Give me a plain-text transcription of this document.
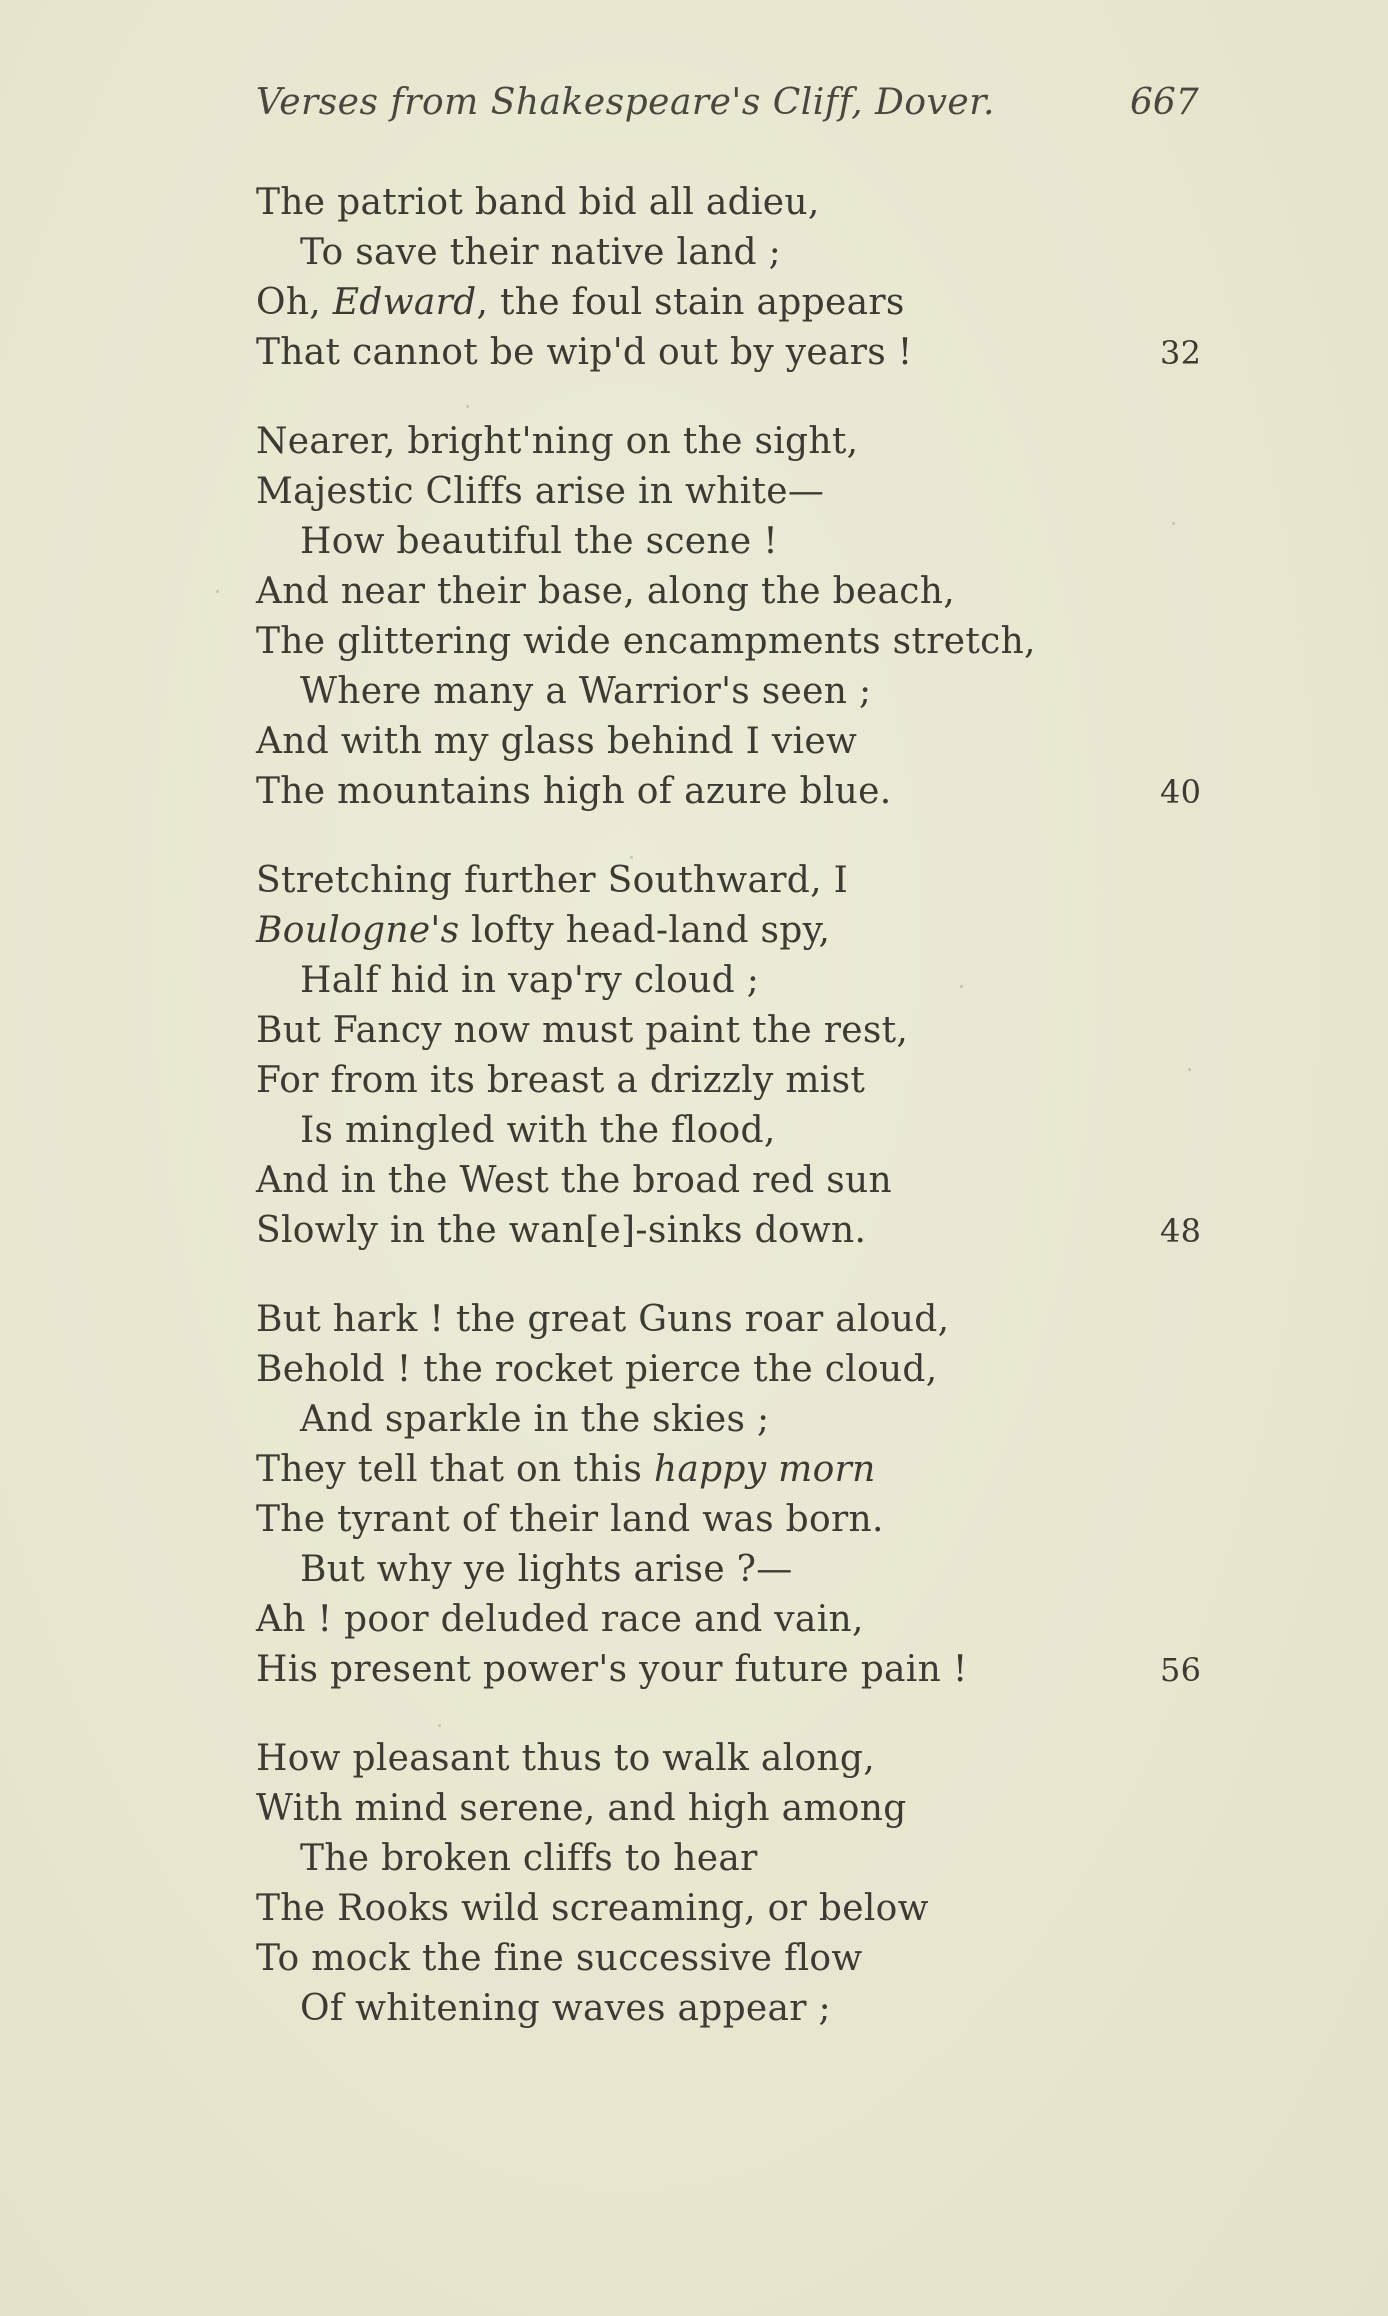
Verses from Shakespeare's Cliff, Dover.	667
The patriot band bid all adieu,
To save their native land ;
Oh, Edward, the foul stain appears
That cannot be wip'd out by years !	32
Nearer, bright'ning on the sight,
Majestic Cliffs arise in white—
How beautiful the scene !
And near their base, along the beach,
The glittering wide encampments stretch,
Where many a Warrior's seen ;
And with my glass behind I view
The mountains high of azure blue.	40
Stretching further Southward, I
Boulogne's lofty head-land spy,
Half hid in vap'ry cloud ;
But Fancy now must paint the rest,
For from its breast a drizzly mist
Is mingled with the flood,
And in the West the broad red sun
Slowly in the wan[e]-sinks down.	48
But hark ! the great Guns roar aloud,
Behold ! the rocket pierce the cloud,
And sparkle in the skies ;
They tell that on this happy morn
The tyrant of their land was born.
But why ye lights arise ?—
Ah ! poor deluded race and vain,
His present power's your future pain !	56
How pleasant thus to walk along,
With mind serene, and high among
The broken cliffs to hear
The Rooks wild screaming, or below
To mock the fine successive flow
Of whitening waves appear ;
